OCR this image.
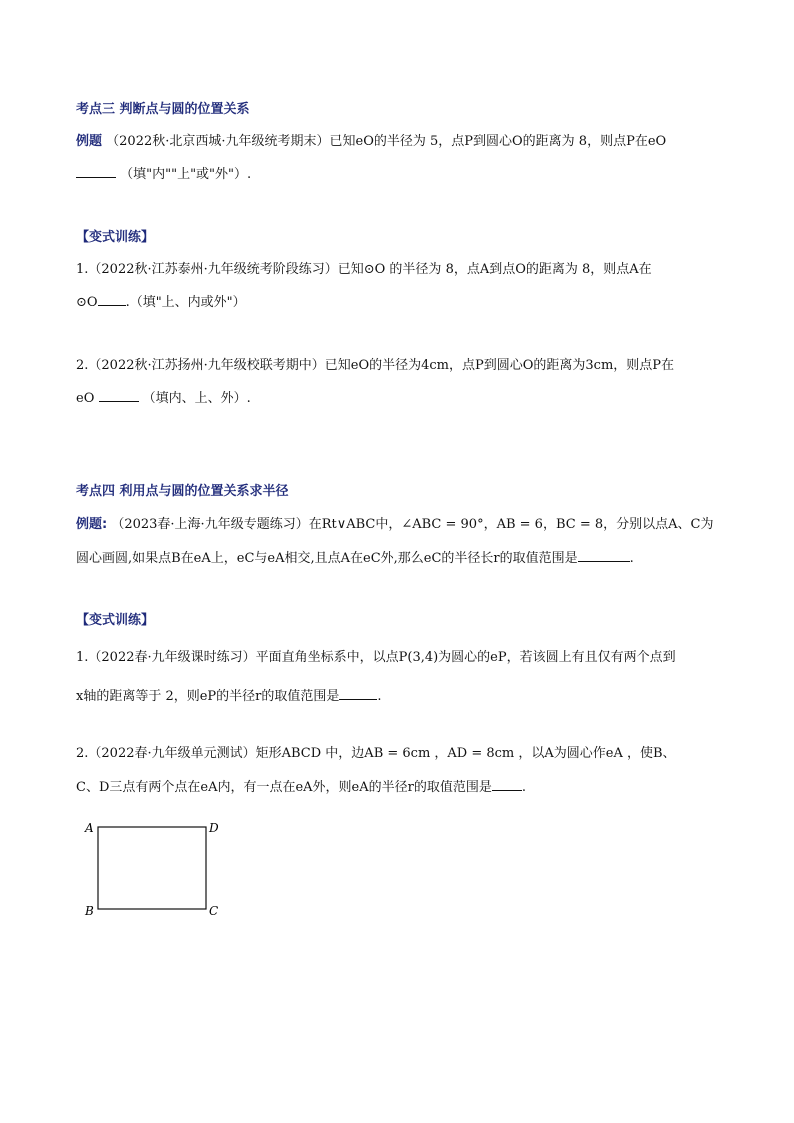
考点三 判断点与圆的位置关系
例题 （2022秋·北京西城·九年级统考期末）已知eO的半径为 5，点P到圆心O的距离为 8，则点P在eO
（填"内""上"或"外"）.
【变式训练】
1.（2022秋·江苏泰州·九年级统考阶段练习）已知⊙O 的半径为 8，点A到点O的距离为 8，则点A在
⊙O .（填"上、内或外"）
2.（2022秋·江苏扬州·九年级校联考期中）已知eO的半径为4cm，点P到圆心O的距离为3cm，则点P在
eO	（填内、上、外）.
考点四 利用点与圆的位置关系求半径
例题: （2023春·上海·九年级专题练习）在Rt∨ABC中，∠ABC = 90°，AB = 6，BC = 8，分别以点A、C为
圆心画圆,如果点B在eA上，eC与eA相交,且点A在eC外,那么eC的半径长r的取值范围是	.
【变式训练】
1.（2022春·九年级课时练习）平面直角坐标系中，以点P(3,4)为圆心的eP，若该圆上有且仅有两个点到
x轴的距离等于 2，则eP的半径r的取值范围是	.
2.（2022春·九年级单元测试）矩形ABCD 中，边AB = 6cm ，AD = 8cm ，以A为圆心作eA ，使B、
C、D三点有两个点在eA内，有一点在eA外，则eA的半径r的取值范围是 .
A	D
B	C
